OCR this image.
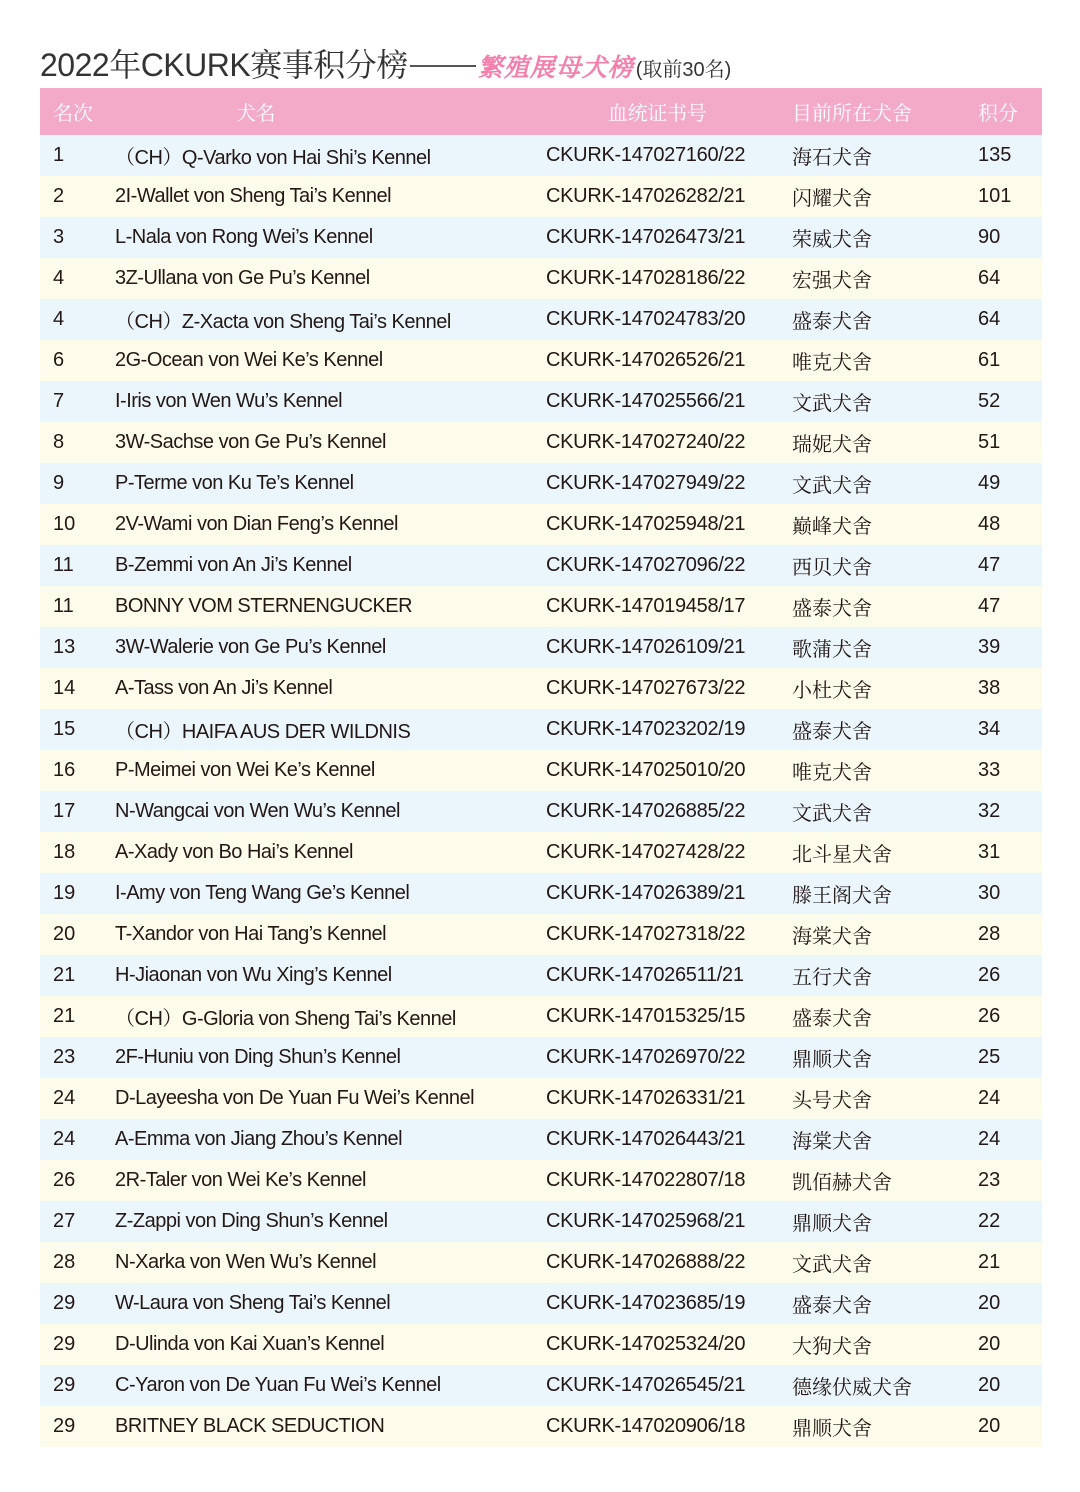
2022年CKURK赛事积分榜	繁殖展母犬榜 (取前30名)
名次	犬名	血统证书号	目前所在犬舍	积分
1	（CH）Q-Varko von Hai Shi’s Kennel	CKURK-147027160/22	海石犬舍	135
2	2I-Wallet von Sheng Tai’s Kennel	CKURK-147026282/21	闪耀犬舍	101
3	L-Nala von Rong Wei’s Kennel	CKURK-147026473/21	荣威犬舍	90
4	3Z-Ullana von Ge Pu’s Kennel	CKURK-147028186/22	宏强犬舍	64
4	（CH）Z-Xacta von Sheng Tai’s Kennel	CKURK-147024783/20	盛泰犬舍	64
6	2G-Ocean von Wei Ke’s Kennel	CKURK-147026526/21	唯克犬舍	61
7	I-Iris von Wen Wu’s Kennel	CKURK-147025566/21	文武犬舍	52
8	3W-Sachse von Ge Pu’s Kennel	CKURK-147027240/22	瑞妮犬舍	51
9	P-Terme von Ku Te’s Kennel	CKURK-147027949/22	文武犬舍	49
10	2V-Wami von Dian Feng’s Kennel	CKURK-147025948/21	巅峰犬舍	48
11	B-Zemmi von An Ji’s Kennel	CKURK-147027096/22	西贝犬舍	47
11	BONNY VOM STERNENGUCKER	CKURK-147019458/17	盛泰犬舍	47
13	3W-Walerie von Ge Pu’s Kennel	CKURK-147026109/21	歌蒲犬舍	39
14	A-Tass von An Ji’s Kennel	CKURK-147027673/22	小杜犬舍	38
15	（CH）HAIFA AUS DER WILDNIS	CKURK-147023202/19	盛泰犬舍	34
16	P-Meimei von Wei Ke’s Kennel	CKURK-147025010/20	唯克犬舍	33
17	N-Wangcai von Wen Wu’s Kennel	CKURK-147026885/22	文武犬舍	32
18	A-Xady von Bo Hai’s Kennel	CKURK-147027428/22	北斗星犬舍	31
19	I-Amy von Teng Wang Ge’s Kennel	CKURK-147026389/21	滕王阁犬舍	30
20	T-Xandor von Hai Tang’s Kennel	CKURK-147027318/22	海棠犬舍	28
21	H-Jiaonan von Wu Xing’s Kennel	CKURK-147026511/21	五行犬舍	26
21	（CH）G-Gloria von Sheng Tai’s Kennel	CKURK-147015325/15	盛泰犬舍	26
23	2F-Huniu von Ding Shun’s Kennel	CKURK-147026970/22	鼎顺犬舍	25
24	D-Layeesha von De Yuan Fu Wei’s Kennel	CKURK-147026331/21	头号犬舍	24
24	A-Emma von Jiang Zhou’s Kennel	CKURK-147026443/21	海棠犬舍	24
26	2R-Taler von Wei Ke’s Kennel	CKURK-147022807/18	凯佰赫犬舍	23
27	Z-Zappi von Ding Shun’s Kennel	CKURK-147025968/21	鼎顺犬舍	22
28	N-Xarka von Wen Wu’s Kennel	CKURK-147026888/22	文武犬舍	21
29	W-Laura von Sheng Tai’s Kennel	CKURK-147023685/19	盛泰犬舍	20
29	D-Ulinda von Kai Xuan’s Kennel	CKURK-147025324/20	大狗犬舍	20
29	C-Yaron von De Yuan Fu Wei’s Kennel	CKURK-147026545/21	德缘伏威犬舍	20
29	BRITNEY BLACK SEDUCTION	CKURK-147020906/18	鼎顺犬舍	20
